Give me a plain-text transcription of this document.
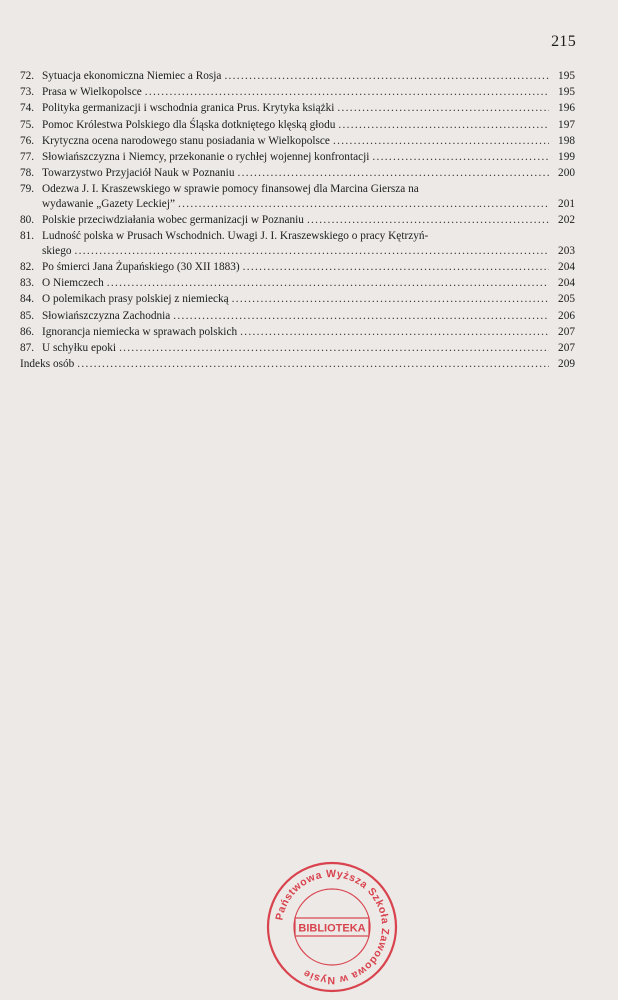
215
72. Sytuacja ekonomiczna Niemiec a Rosja .....	195
73. Prasa w Wielkopolsce .....	195
74. Polityka germanizacji i wschodnia granica Prus. Krytyka książki .....	196
75. Pomoc Królestwa Polskiego dla Śląska dotkniętego klęską głodu .....	197
76. Krytyczna ocena narodowego stanu posiadania w Wielkopolsce .....	198
77. Słowiańszczyzna i Niemcy, przekonanie o rychłej wojennej konfrontacji .....	199
78. Towarzystwo Przyjaciół Nauk w Poznaniu .....	200
79. Odezwa J. I. Kraszewskiego w sprawie pomocy finansowej dla Marcina Giersza na
wydawanie „Gazety Leckiej” .....	201
80. Polskie przeciwdziałania wobec germanizacji w Poznaniu .....	202
81. Ludność polska w Prusach Wschodnich. Uwagi J. I. Kraszewskiego o pracy Kętrzyń-
skiego .....	203
82. Po śmierci Jana Żupańskiego (30 XII 1883) .....	204
83. O Niemczech .....	204
84. O polemikach prasy polskiej z niemiecką .....	205
85. Słowiańszczyzna Zachodnia .....	206
86. Ignorancja niemiecka w sprawach polskich .....	207
87. U schyłku epoki .....	207
Indeks osób .....	209
Państwowa Wyższa Szkoła Zawodowa w Nysie
BIBLIOTEKA
